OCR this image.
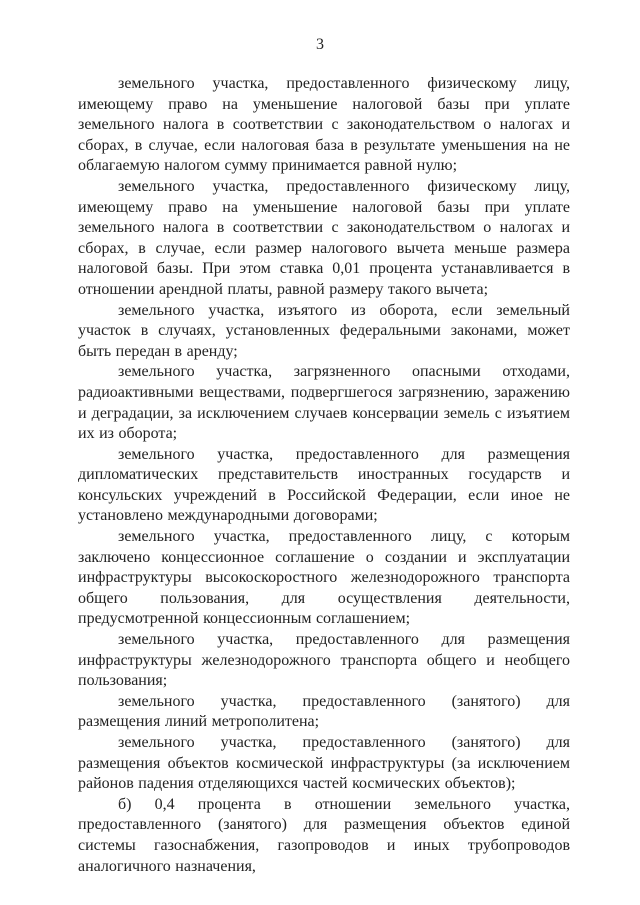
3

земельного участка, предоставленного физическому лицу, имеющему право на уменьшение налоговой базы при уплате земельного налога в соответствии с законодательством о налогах и сборах, в случае, если налоговая база в результате уменьшения на не облагаемую налогом сумму принимается равной нулю;

земельного участка, предоставленного физическому лицу, имеющему право на уменьшение налоговой базы при уплате земельного налога в соответствии с законодательством о налогах и сборах, в случае, если размер налогового вычета меньше размера налоговой базы. При этом ставка 0,01 процента устанавливается в отношении арендной платы, равной размеру такого вычета;

земельного участка, изъятого из оборота, если земельный участок в случаях, установленных федеральными законами, может быть передан в аренду;

земельного участка, загрязненного опасными отходами, радиоактивными веществами, подвергшегося загрязнению, заражению и деградации, за исключением случаев консервации земель с изъятием их из оборота;

земельного участка, предоставленного для размещения дипломатических представительств иностранных государств и консульских учреждений в Российской Федерации, если иное не установлено международными договорами;

земельного участка, предоставленного лицу, с которым заключено концессионное соглашение о создании и эксплуатации инфраструктуры высокоскоростного железнодорожного транспорта общего пользования, для осуществления деятельности, предусмотренной концессионным соглашением;

земельного участка, предоставленного для размещения инфраструктуры железнодорожного транспорта общего и необщего пользования;

земельного участка, предоставленного (занятого) для размещения линий метрополитена;

земельного участка, предоставленного (занятого) для размещения объектов космической инфраструктуры (за исключением районов падения отделяющихся частей космических объектов);

б) 0,4 процента в отношении земельного участка, предоставленного (занятого) для размещения объектов единой системы газоснабжения, газопроводов и иных трубопроводов аналогичного назначения,
